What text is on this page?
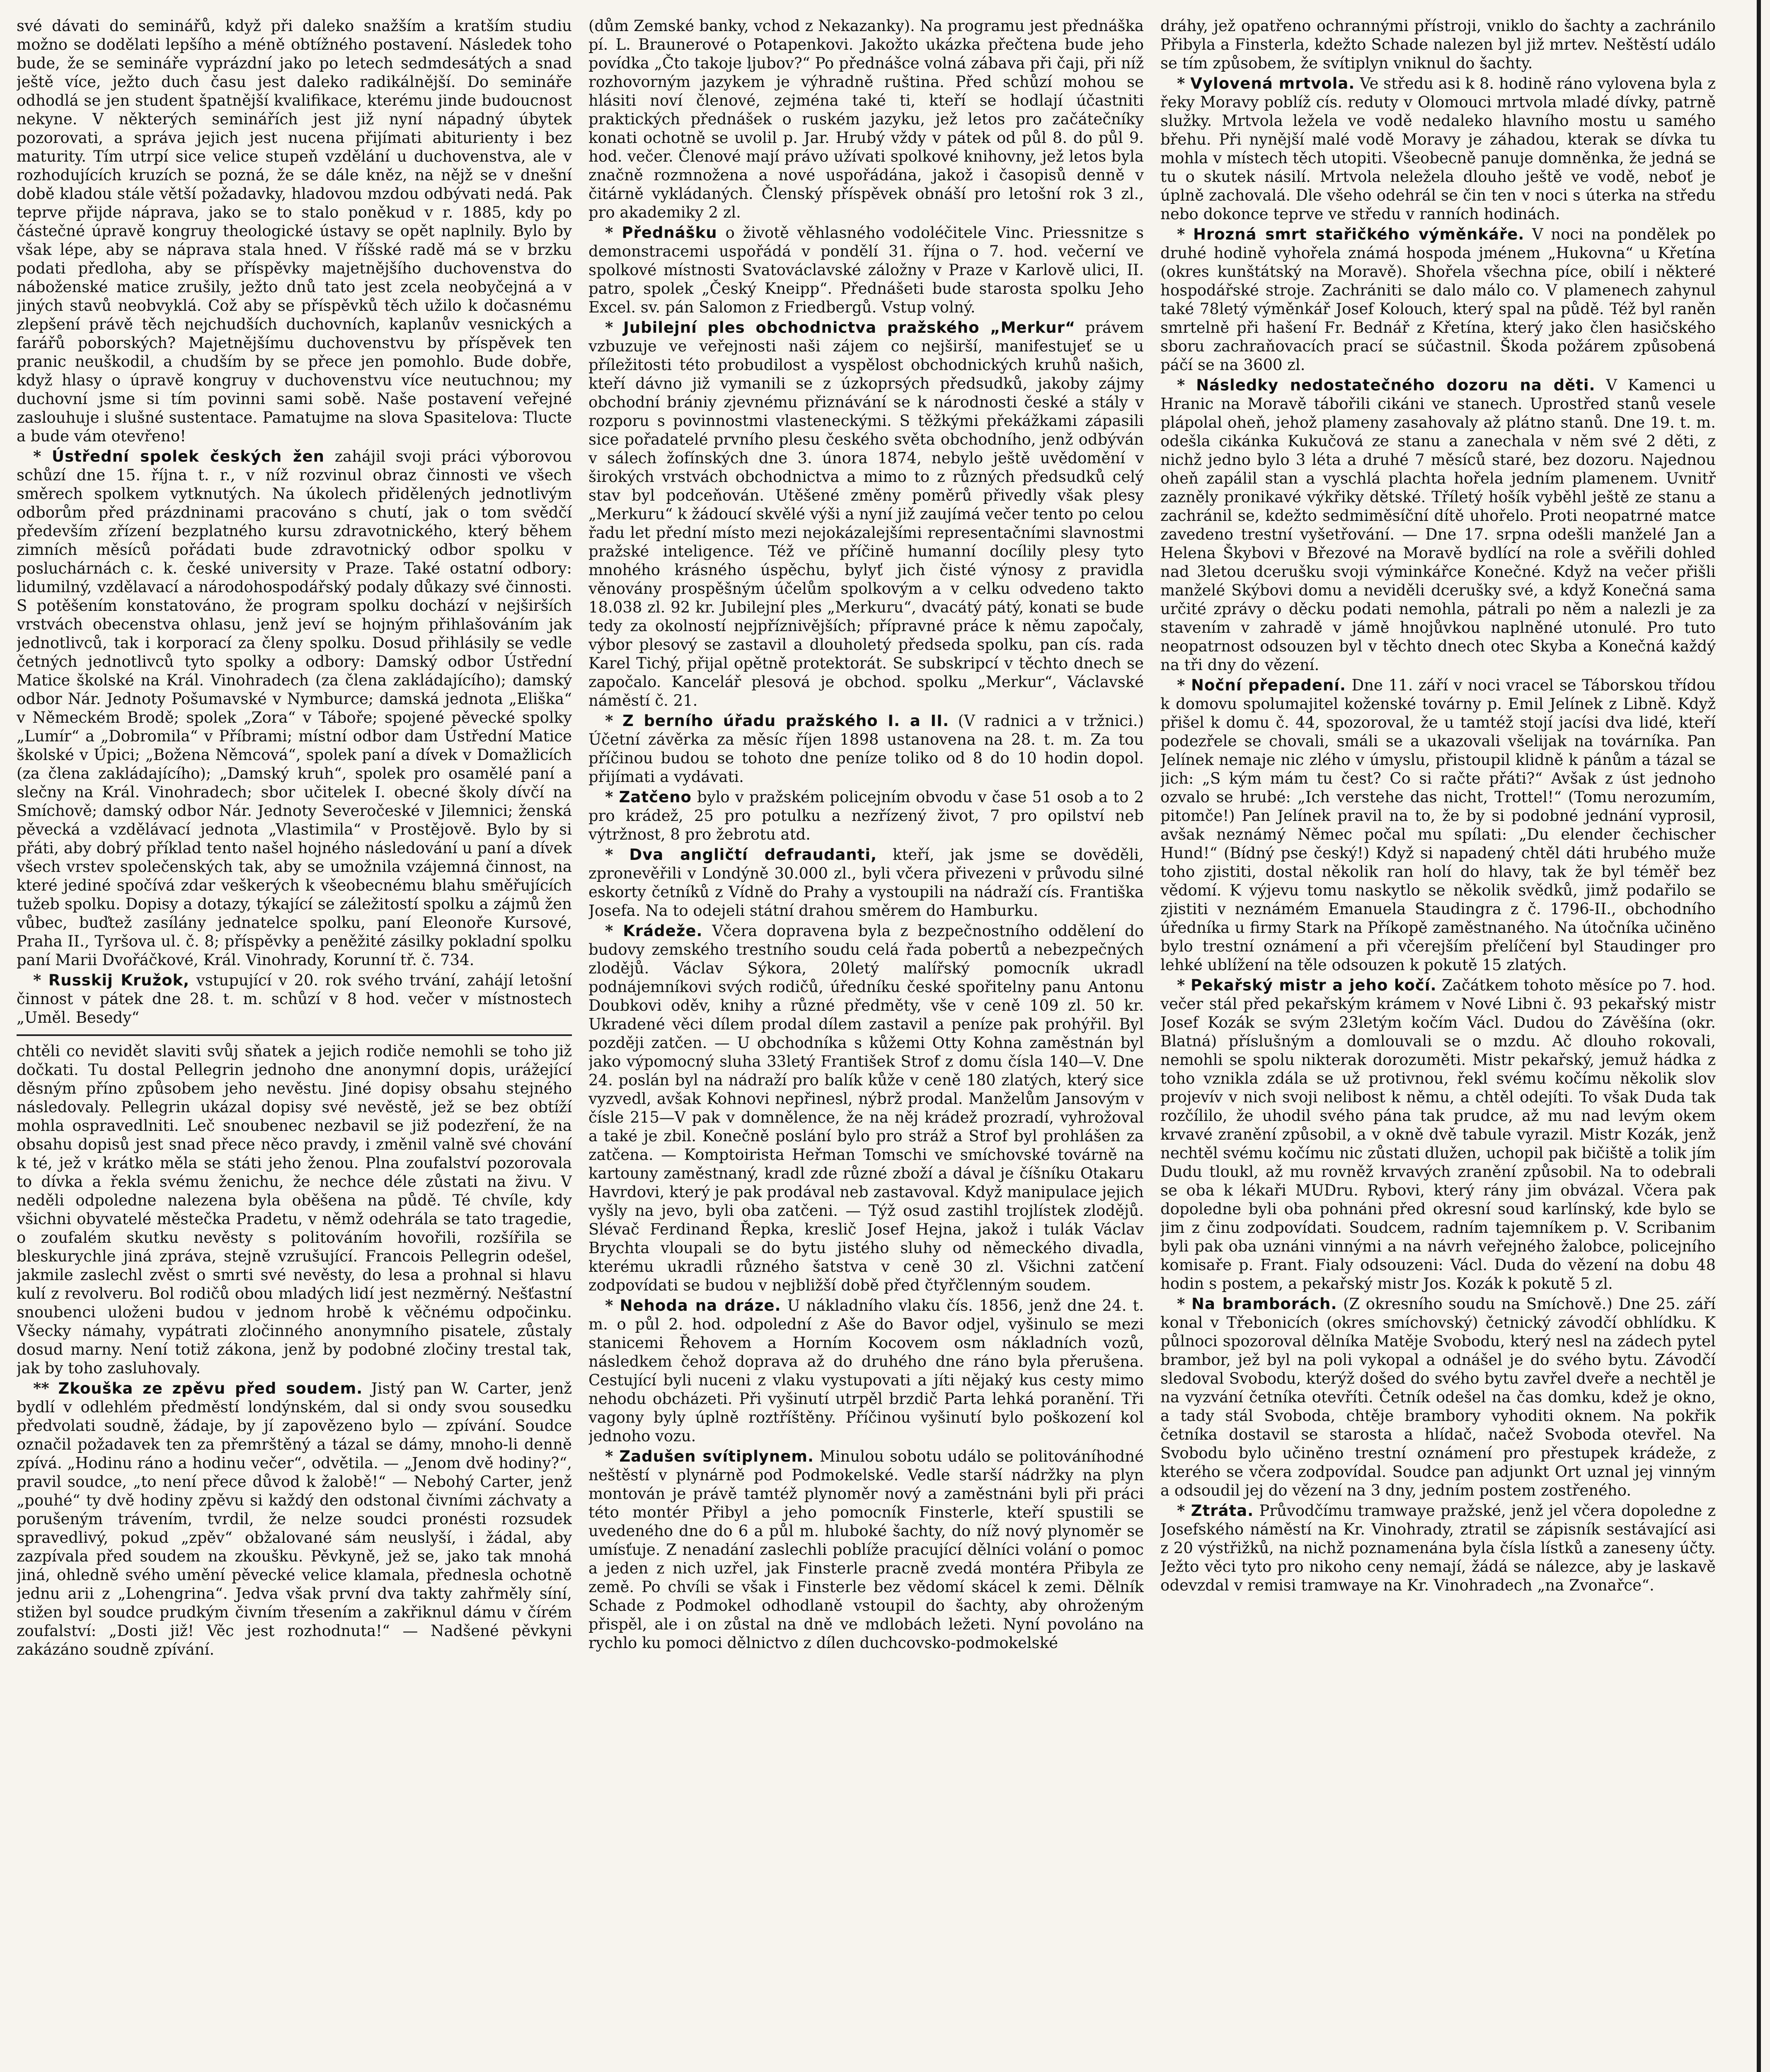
své dávati do seminářů, když při daleko snažším a kratším studiu možno se dodělati lepšího a méně obtížného postavení. Následek toho bude, že se semináře vyprázdní jako po letech sedmdesátých a snad ještě více, ježto duch času jest daleko radikálnější. Do semináře odhodlá se jen student špatnější kvalifikace, kterému jinde budoucnost nekyne. V některých seminářích jest již nyní nápadný úbytek pozorovati, a správa jejich jest nucena přijímati abiturienty i bez maturity. Tím utrpí sice velice stupeň vzdělání u duchovenstva, ale v rozhodujících kruzích se pozná, že se dále kněz, na nějž se v dnešní době kladou stále větší požadavky, hladovou mzdou odbývati nedá. Pak teprve přijde náprava, jako se to stalo poněkud v r. 1885, kdy po částečné úpravě kongruy theologické ústavy se opět naplnily. Bylo by však lépe, aby se náprava stala hned. V říšské radě má se v brzku podati předloha, aby se příspěvky majetnějšího duchovenstva do náboženské matice zrušily, ježto dnů tato jest zcela neobyčejná a v jiných stavů neobvyklá. Což aby se příspěvků těch užilo k dočasnému zlepšení právě těch nejchudších duchovních, kaplanův vesnických a farářů poborských? Majetnějšímu duchovenstvu by příspěvek ten pranic neuškodil, a chudším by se přece jen pomohlo. Bude dobře, když hlasy o úpravě kongruy v duchovenstvu více neutuchnou; my duchovní jsme si tím povinni sami sobě. Naše postavení veřejné zaslouhuje i slušné sustentace. Pamatujme na slova Spasitelova: Tlucte a bude vám otevřeno!

* Ústřední spolek českých žen zahájil svoji práci výborovou schůzí dne 15. října t. r., v níž rozvinul obraz činnosti ve všech směrech spolkem vytknutých. Na úkolech přidělených jednotlivým odborům před prázdninami pracováno s chutí, jak o tom svědčí především zřízení bezplatného kursu zdravotnického, který během zimních měsíců pořádati bude zdravotnický odbor spolku v posluchárnách c. k. české university v Praze. Také ostatní odbory: lidumilný, vzdělavací a národohospodářský podaly důkazy své činnosti. S potěšením konstatováno, že program spolku dochází v nejširších vrstvách obecenstva ohlasu, jenž jeví se hojným přihlašováním jak jednotlivců, tak i korporací za členy spolku. Dosud přihlásily se vedle četných jednotlivců tyto spolky a odbory: Damský odbor Ústřední Matice školské na Král. Vinohradech (za člena zakládajícího); damský odbor Nár. Jednoty Pošumavské v Nymburce; damská jednota „Eliška“ v Německém Brodě; spolek „Zora“ v Táboře; spojené pěvecké spolky „Lumír“ a „Dobromila“ v Příbrami; místní odbor dam Ústřední Matice školské v Úpici; „Božena Němcová“, spolek paní a dívek v Domažlicích (za člena zakládajícího); „Damský kruh“, spolek pro osamělé paní a slečny na Král. Vinohradech; sbor učitelek I. obecné školy dívčí na Smíchově; damský odbor Nár. Jednoty Severočeské v Jilemnici; ženská pěvecká a vzdělávací jednota „Vlastimila“ v Prostějově. Bylo by si přáti, aby dobrý příklad tento našel hojného následování u paní a dívek všech vrstev společenských tak, aby se umožnila vzájemná činnost, na které jediné spočívá zdar veškerých k všeobecnému blahu směřujících tužeb spolku. Dopisy a dotazy, týkající se záležitostí spolku a zájmů žen vůbec, buďtež zasílány jednatelce spolku, paní Eleonoře Kursové, Praha II., Tyršova ul. č. 8; příspěvky a peněžité zásilky pokladní spolku paní Marii Dvořáčkové, Král. Vinohrady, Korunní tř. č. 734.

* Russkij Kružok, vstupující v 20. rok svého trvání, zahájí letošní činnost v pátek dne 28. t. m. schůzí v 8 hod. večer v místnostech „Uměl. Besedy“

chtěli co nevidět slaviti svůj sňatek a jejich rodiče nemohli se toho již dočkati. Tu dostal Pellegrin jednoho dne anonymní dopis, urážející děsným příno způsobem jeho nevěstu. Jiné dopisy obsahu stejného následovaly. Pellegrin ukázal dopisy své nevěstě, jež se bez obtíží mohla ospravedlniti. Leč snoubenec nezbavil se již podezření, že na obsahu dopisů jest snad přece něco pravdy, i změnil valně své chování k té, jež v krátko měla se státi jeho ženou. Plna zoufalství pozorovala to dívka a řekla svému ženichu, že nechce déle zůstati na živu. V neděli odpoledne nalezena byla oběšena na půdě. Té chvíle, kdy všichni obyvatelé městečka Pradetu, v němž odehrála se tato tragedie, o zoufalém skutku nevěsty s politováním hovořili, rozšířila se bleskurychle jiná zpráva, stejně vzrušující. Francois Pellegrin odešel, jakmile zaslechl zvěst o smrti své nevěsty, do lesa a prohnal si hlavu kulí z revolveru. Bol rodičů obou mladých lidí jest nezměrný. Nešťastní snoubenci uloženi budou v jednom hrobě k věčnému odpočinku. Všecky námahy, vypátrati zločinného anonymního pisatele, zůstaly dosud marny. Není totiž zákona, jenž by podobné zločiny trestal tak, jak by toho zasluhovaly.

** Zkouška ze zpěvu před soudem. Jistý pan W. Carter, jenž bydlí v odlehlém předměstí londýnském, dal si ondy svou sousedku předvolati soudně, žádaje, by jí zapovězeno bylo — zpívání. Soudce označil požadavek ten za přemrštěný a tázal se dámy, mnoho-li denně zpívá. „Hodinu ráno a hodinu večer“, odvětila. — „Jenom dvě hodiny?“, pravil soudce, „to není přece důvod k žalobě!“ — Nebohý Carter, jenž „pouhé“ ty dvě hodiny zpěvu si každý den odstonal čivními záchvaty a porušeným trávením, tvrdil, že nelze soudci pronésti rozsudek spravedlivý, pokud „zpěv“ obžalované sám neuslyší, i žádal, aby zazpívala před soudem na zkoušku. Pěvkyně, jež se, jako tak mnohá jiná, ohledně svého umění pěvecké velice klamala, přednesla ochotně jednu arii z „Lohengrina“. Jedva však první dva takty zahřměly síní, stižen byl soudce prudkým čivním třesením a zakřiknul dámu v čírém zoufalství: „Dosti již! Věc jest rozhodnuta!“ — Nadšené pěvkyni zakázáno soudně zpívání.

(dům Zemské banky, vchod z Nekazanky). Na programu jest přednáška pí. L. Braunerové o Potapenkovi. Jakožto ukázka přečtena bude jeho povídka „Čto takoje ljubov?“ Po přednášce volná zábava při čaji, při níž rozhovorným jazykem je výhradně ruština. Před schůzí mohou se hlásiti noví členové, zejména také ti, kteří se hodlají účastniti praktických přednášek o ruském jazyku, jež letos pro začátečníky konati ochotně se uvolil p. Jar. Hrubý vždy v pátek od půl 8. do půl 9. hod. večer. Členové mají právo užívati spolkové knihovny, jež letos byla značně rozmnožena a nové uspořádána, jakož i časopisů denně v čitárně vykládaných. Členský příspěvek obnáší pro letošní rok 3 zl., pro akademiky 2 zl.

* Přednášku o životě věhlasného vodoléčitele Vinc. Priessnitze s demonstracemi uspořádá v pondělí 31. října o 7. hod. večerní ve spolkové místnosti Svatováclavské záložny v Praze v Karlově ulici, II. patro, spolek „Český Kneipp“. Přednášeti bude starosta spolku Jeho Excel. sv. pán Salomon z Friedbergů. Vstup volný.

* Jubilejní ples obchodnictva pražského „Merkur“ právem vzbuzuje ve veřejnosti naši zájem co nejširší, manifestujeť se u příležitosti této probudilost a vyspělost obchodnických kruhů našich, kteří dávno již vymanili se z úzkoprsých předsudků, jakoby zájmy obchodní brániy zjevnému přiznávání se k národnosti české a stály v rozporu s povinnostmi vlasteneckými. S těžkými překážkami zápasili sice pořadatelé prvního plesu českého světa obchodního, jenž odbýván v sálech žofínských dne 3. února 1874, nebylo ještě uvědomění v širokých vrstvách obchodnictva a mimo to z různých předsudků celý stav byl podceňován. Utěšené změny poměrů přivedly však plesy „Merkuru“ k žádoucí skvělé výši a nyní již zaujímá večer tento po celou řadu let přední místo mezi nejokázalejšími representačními slavnostmi pražské inteligence. Též ve příčině humanní docílily plesy tyto mnohého krásného úspěchu, bylyť jich čisté výnosy z pravidla věnovány prospěšným účelům spolkovým a v celku odvedeno takto 18.038 zl. 92 kr. Jubilejní ples „Merkuru“, dvacátý pátý, konati se bude tedy za okolností nejpříznivějších; přípravné práce k němu započaly, výbor plesový se zastavil a dlouholetý předseda spolku, pan cís. rada Karel Tichý, přijal opětně protektorát. Se subskripcí v těchto dnech se započalo. Kancelář plesová je obchod. spolku „Merkur“, Václavské náměstí č. 21.

* Z berního úřadu pražského I. a II. (V radnici a v tržnici.) Účetní závěrka za měsíc říjen 1898 ustanovena na 28. t. m. Za tou příčinou budou se tohoto dne peníze toliko od 8 do 10 hodin dopol. přijímati a vydávati.

* Zatčeno bylo v pražském policejním obvodu v čase 51 osob a to 2 pro krádež, 25 pro potulku a nezřízený život, 7 pro opilství neb výtržnost, 8 pro žebrotu atd.

* Dva angličtí defraudanti, kteří, jak jsme se dověděli, zpronevěřili v Londýně 30.000 zl., byli včera přivezeni v průvodu silné eskorty četníků z Vídně do Prahy a vystoupili na nádraží cís. Františka Josefa. Na to odejeli státní drahou směrem do Hamburku.

* Krádeže. Včera dopravena byla z bezpečnostního oddělení do budovy zemského trestního soudu celá řada pobertů a nebezpečných zlodějů. Václav Sýkora, 20letý malířský pomocník ukradl podnájemníkovi svých rodičů, úředníku české spořitelny panu Antonu Doubkovi oděv, knihy a různé předměty, vše v ceně 109 zl. 50 kr. Ukradené věci dílem prodal dílem zastavil a peníze pak prohýřil. Byl později zatčen. — U obchodníka s kůžemi Otty Kohna zaměstnán byl jako výpomocný sluha 33letý František Strof z domu čísla 140—V. Dne 24. poslán byl na nádraží pro balík kůže v ceně 180 zlatých, který sice vyzvedl, avšak Kohnovi nepřinesl, nýbrž prodal. Manželům Jansovým v čísle 215—V pak v domnělence, že na něj krádež prozradí, vyhrožoval a také je zbil. Konečně poslání bylo pro stráž a Strof byl prohlášen za zatčena. — Komptoirista Heřman Tomschi ve smíchovské továrně na kartouny zaměstnaný, kradl zde různé zboží a dával je číšníku Otakaru Havrdovi, který je pak prodával neb zastavoval. Když manipulace jejich vyšly na jevo, byli oba zatčeni. — Týž osud zastihl trojlístek zlodějů. Slévač Ferdinand Řepka, kreslič Josef Hejna, jakož i tulák Václav Brychta vloupali se do bytu jistého sluhy od německého divadla, kterému ukradli různého šatstva v ceně 30 zl. Všichni zatčení zodpovídati se budou v nejbližší době před čtyřčlenným soudem.

* Nehoda na dráze. U nákladního vlaku čís. 1856, jenž dne 24. t. m. o půl 2. hod. odpolední z Aše do Bavor odjel, vyšinulo se mezi stanicemi Řehovem a Horním Kocovem osm nákladních vozů, následkem čehož doprava až do druhého dne ráno byla přerušena. Cestující byli nuceni z vlaku vystupovati a jíti nějaký kus cesty mimo nehodu obcházeti. Při vyšinutí utrpěl brzdič Parta lehká poranění. Tři vagony byly úplně roztříštěny. Příčinou vyšinutí bylo poškození kol jednoho vozu.

* Zadušen svítiplynem. Minulou sobotu událo se politováníhodné neštěstí v plynárně pod Podmokelské. Vedle starší nádržky na plyn montován je právě tamtéž plynoměr nový a zaměstnáni byli při práci této montér Přibyl a jeho pomocník Finsterle, kteří spustili se uvedeného dne do 6 a půl m. hluboké šachty, do níž nový plynoměr se umísťuje. Z nenadání zaslechli poblíže pracující dělníci volání o pomoc a jeden z nich uzřel, jak Finsterle pracně zvedá montéra Přibyla ze země. Po chvíli se však i Finsterle bez vědomí skácel k zemi. Dělník Schade z Podmokel odhodlaně vstoupil do šachty, aby ohroženým přispěl, ale i on zůstal na dně ve mdlobách ležeti. Nyní povoláno na rychlo ku pomoci dělnictvo z dílen duchcovsko-podmokelské

dráhy, jež opatřeno ochrannými přístroji, vniklo do šachty a zachránilo Přibyla a Finsterla, kdežto Schade nalezen byl již mrtev. Neštěstí událo se tím způsobem, že svítiplyn vniknul do šachty.

* Vylovená mrtvola. Ve středu asi k 8. hodině ráno vylovena byla z řeky Moravy poblíž cís. reduty v Olomouci mrtvola mladé dívky, patrně služky. Mrtvola ležela ve vodě nedaleko hlavního mostu u samého břehu. Při nynější malé vodě Moravy je záhadou, kterak se dívka tu mohla v místech těch utopiti. Všeobecně panuje domněnka, že jedná se tu o skutek násilí. Mrtvola neležela dlouho ještě ve vodě, neboť je úplně zachovalá. Dle všeho odehrál se čin ten v noci s úterka na středu nebo dokonce teprve ve středu v ranních hodinách.

* Hrozná smrt stařičkého výměnkáře. V noci na pondělek po druhé hodině vyhořela známá hospoda jménem „Hukovna“ u Křetína (okres kunštátský na Moravě). Shořela všechna píce, obilí i některé hospodářské stroje. Zachrániti se dalo málo co. V plamenech zahynul také 78letý výměnkář Josef Kolouch, který spal na půdě. Též byl raněn smrtelně při hašení Fr. Bednář z Křetína, který jako člen hasičského sboru zachraňovacích prací se súčastnil. Škoda požárem způsobená páčí se na 3600 zl.

* Následky nedostatečného dozoru na děti. V Kamenci u Hranic na Moravě tábořili cikáni ve stanech. Uprostřed stanů vesele plápolal oheň, jehož plameny zasahovaly až plátno stanů. Dne 19. t. m. odešla cikánka Kukučová ze stanu a zanechala v něm své 2 děti, z nichž jedno bylo 3 léta a druhé 7 měsíců staré, bez dozoru. Najednou oheň zapálil stan a vyschlá plachta hořela jedním plamenem. Uvnitř zazněly pronikavé výkřiky dětské. Tříletý hošík vyběhl ještě ze stanu a zachránil se, kdežto sedmiměsíční dítě uhořelo. Proti neopatrné matce zavedeno trestní vyšetřování. — Dne 17. srpna odešli manželé Jan a Helena Škybovi v Březové na Moravě bydlící na role a svěřili dohled nad 3letou dcerušku svoji výminkářce Konečné. Když na večer přišli manželé Skýbovi domu a neviděli dcerušky své, a když Konečná sama určité zprávy o děcku podati nemohla, pátrali po něm a nalezli je za stavením v zahradě v jámě hnojůvkou naplněné utonulé. Pro tuto neopatrnost odsouzen byl v těchto dnech otec Skyba a Konečná každý na tři dny do vězení.

* Noční přepadení. Dne 11. září v noci vracel se Táborskou třídou k domovu spolumajitel koženské továrny p. Emil Jelínek z Libně. Když přišel k domu č. 44, spozoroval, že u tamtéž stojí jacísi dva lidé, kteří podezřele se chovali, smáli se a ukazovali všelijak na továrníka. Pan Jelínek nemaje nic zlého v úmyslu, přistoupil klidně k pánům a tázal se jich: „S kým mám tu čest? Co si račte přáti?“ Avšak z úst jednoho ozvalo se hrubé: „Ich verstehe das nicht, Trottel!“ (Tomu nerozumím, pitomče!) Pan Jelínek pravil na to, že by si podobné jednání vyprosil, avšak neznámý Němec počal mu spílati: „Du elender čechischer Hund!“ (Bídný pse český!) Když si napadený chtěl dáti hrubého muže toho zjistiti, dostal několik ran holí do hlavy, tak že byl téměř bez vědomí. K výjevu tomu naskytlo se několik svědků, jimž podařilo se zjistiti v neznámém Emanuela Staudingra z č. 1796-II., obchodního úředníka u firmy Stark na Příkopě zaměstnaného. Na útočníka učiněno bylo trestní oznámení a při včerejším přelíčení byl Staudinger pro lehké ublížení na těle odsouzen k pokutě 15 zlatých.

* Pekařský mistr a jeho kočí. Začátkem tohoto měsíce po 7. hod. večer stál před pekařským krámem v Nové Libni č. 93 pekařský mistr Josef Kozák se svým 23letým kočím Václ. Dudou do Závěšína (okr. Blatná) příslušným a domlouvali se o mzdu. Ač dlouho rokovali, nemohli se spolu nikterak dorozuměti. Mistr pekařský, jemuž hádka z toho vznikla zdála se už protivnou, řekl svému kočímu několik slov projevív v nich svoji nelibost k němu, a chtěl odejíti. To však Duda tak rozčílilo, že uhodil svého pána tak prudce, až mu nad levým okem krvavé zranění způsobil, a v okně dvě tabule vyrazil. Mistr Kozák, jenž nechtěl svému kočímu nic zůstati dlužen, uchopil pak bičiště a tolik jím Dudu tloukl, až mu rovněž krvavých zranění způsobil. Na to odebrali se oba k lékaři MUDru. Rybovi, který rány jim obvázal. Včera pak dopoledne byli oba pohnáni před okresní soud karlínský, kde bylo se jim z činu zodpovídati. Soudcem, radním tajemníkem p. V. Scribanim byli pak oba uznáni vinnými a na návrh veřejného žalobce, policejního komisaře p. Frant. Fialy odsouzeni: Václ. Duda do vězení na dobu 48 hodin s postem, a pekařský mistr Jos. Kozák k pokutě 5 zl.

* Na bramborách. (Z okresního soudu na Smíchově.) Dne 25. září konal v Třebonicích (okres smíchovský) četnický závodčí obhlídku. K půlnoci spozoroval dělníka Matěje Svobodu, který nesl na zádech pytel brambor, jež byl na poli vykopal a odnášel je do svého bytu. Závodčí sledoval Svobodu, kterýž došed do svého bytu zavřel dveře a nechtěl je na vyzvání četníka otevříti. Četník odešel na čas domku, kdež je okno, a tady stál Svoboda, chtěje brambory vyhoditi oknem. Na pokřik četníka dostavil se starosta a hlídač, načež Svoboda otevřel. Na Svobodu bylo učiněno trestní oznámení pro přestupek krádeže, z kterého se včera zodpovídal. Soudce pan adjunkt Ort uznal jej vinným a odsoudil jej do vězení na 3 dny, jedním postem zostřeného.

* Ztráta. Průvodčímu tramwaye pražské, jenž jel včera dopoledne z Josefského náměstí na Kr. Vinohrady, ztratil se zápisník sestávající asi z 20 výstřižků, na nichž poznamenána byla čísla lístků a zaneseny účty. Ježto věci tyto pro nikoho ceny nemají, žádá se nálezce, aby je laskavě odevzdal v remisi tramwaye na Kr. Vinohradech „na Zvonařce“.
